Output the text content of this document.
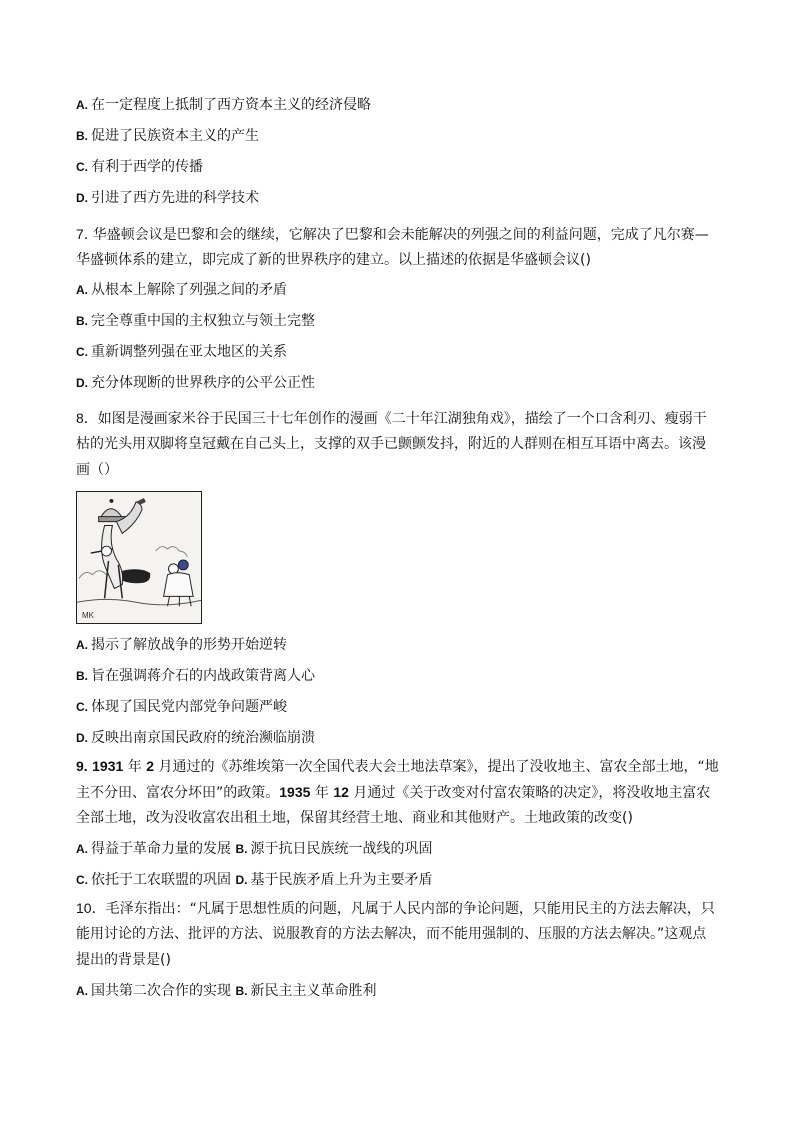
A. 在一定程度上抵制了西方资本主义的经济侵略
B. 促进了民族资本主义的产生
C. 有利于西学的传播
D. 引进了西方先进的科学技术
7. 华盛顿会议是巴黎和会的继续，它解决了巴黎和会未能解决的列强之间的利益问题，完成了凡尔赛—
华盛顿体系的建立，即完成了新的世界秩序的建立。以上描述的依据是华盛顿会议()
A. 从根本上解除了列强之间的矛盾
B. 完全尊重中国的主权独立与领土完整
C. 重新调整列强在亚太地区的关系
D. 充分体现断的世界秩序的公平公正性
8．如图是漫画家米谷于民国三十七年创作的漫画《二十年江湖独角戏》，描绘了一个口含利刃、瘦弱干
枯的光头用双脚将皇冠戴在自己头上，支撑的双手已颤颤发抖，附近的人群则在相互耳语中离去。该漫
画（）
MK
A. 揭示了解放战争的形势开始逆转
B. 旨在强调蒋介石的内战政策背离人心
C. 体现了国民党内部党争问题严峻
D. 反映出南京国民政府的统治濒临崩溃
9. 1931 年 2 月通过的《苏维埃第一次全国代表大会土地法草案》，提出了没收地主、富农全部土地，“地
主不分田、富农分坏田”的政策。1935 年 12 月通过《关于改变对付富农策略的决定》，将没收地主富农
全部土地，改为没收富农出租土地，保留其经营土地、商业和其他财产。土地政策的改变()
A. 得益于革命力量的发展 B. 源于抗日民族统一战线的巩固
C. 依托于工农联盟的巩固 D. 基于民族矛盾上升为主要矛盾
10．毛泽东指出：“凡属于思想性质的问题，凡属于人民内部的争论问题，只能用民主的方法去解决，只
能用讨论的方法、批评的方法、说服教育的方法去解决，而不能用强制的、压服的方法去解决。”这观点
提出的背景是()
A. 国共第二次合作的实现 B. 新民主主义革命胜利
